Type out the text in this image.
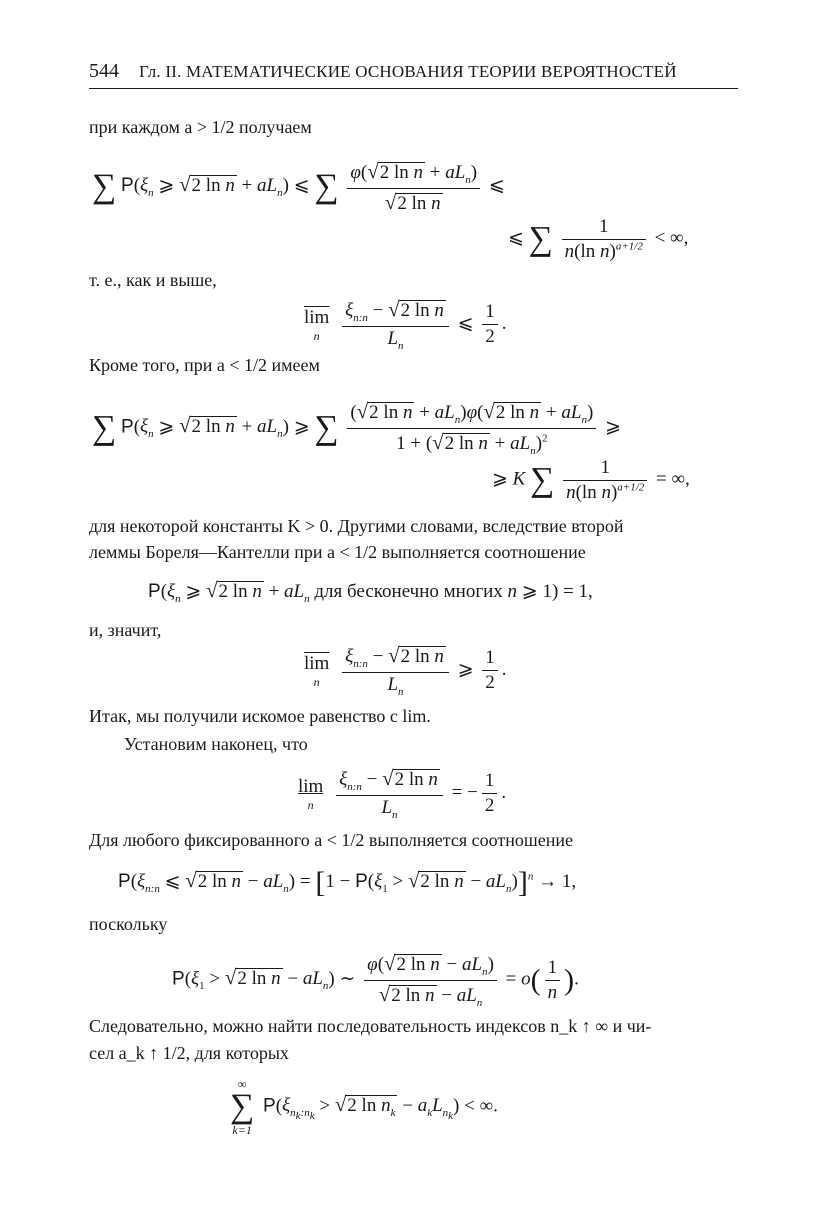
544 Гл. II. МАТЕМАТИЧЕСКИЕ ОСНОВАНИЯ ТЕОРИИ ВЕРОЯТНОСТЕЙ
при каждом a > 1/2 получаем
∑ $P(\xi_n$ ⩾ √2 $\ln n + aL_n$) ⩽ ∑ $\frac{\varphi(√2 \ln n + aL_n)}{\text{√2 ln n}}$ ⩽
⩽ ∑ $\frac{1}{n(\ln n)^{a+1/2}}$ < ∞,
т. е., как и выше,
$\overline{lim}$
n
	$\frac{\xi_{n:n} - √2 \ln n}{L_n}$ ⩽ $\frac{1}{2}$ .
Кроме того, при a < 1/2 имеем
∑ $P(\xi_n$ ⩾ √2 $\ln n + aL_n$) ⩾ ∑ $\frac{(√2 \ln n + aL_n)\varphi(√2 \ln n + aL_n)}{1 + (√2 \ln n + aL_n)^2}$ ⩾
⩾ K ∑ $\frac{1}{n(\ln n)^{a+1/2}}$ = ∞,
для некоторой константы K > 0. Другими словами, вследствие второй
леммы Бореля—Кантелли при a < 1/2 выполняется соотношение
$P(\xi_n$ ⩾ √2 $\ln n + aL_n$ для бесконечно многих n ⩾ 1) = 1,
и, значит,
$\overline{lim}$
n
	$\frac{\xi_{n:n} - √2 \ln n}{L_n}$ ⩾ $\frac{1}{2}$ .
Итак, мы получили искомое равенство с lim.
Установим наконец, что
lim
n
	$\frac{\xi_{n:n} - √2 \ln n}{L_n}$ = − $\frac{1}{2}$ .
Для любого фиксированного a < 1/2 выполняется соотношение
$P(\xi_{n:n}$ ⩽ √2 $\ln n - aL_n) = [1 - P(\xi_1 > √2$ $\ln n - aL_n)]^n \to 1$,
поскольку
$P(\xi_1 > √2$ $\ln n - aL_n$) ∼ $\frac{\varphi(√2 \ln n - aL_n)}{√2 \ln n - aL_n} = o( \frac{1}{n}$ ).
Следовательно, можно найти последовательность индексов n_k ↑ ∞ и чи-
сел a_k ↑ 1/2, для которых
∞
∑
k=1
$P(\xi_{n_k:n_k} > √2$ $\ln n_k - a_kL_{n_k}$) < ∞.
